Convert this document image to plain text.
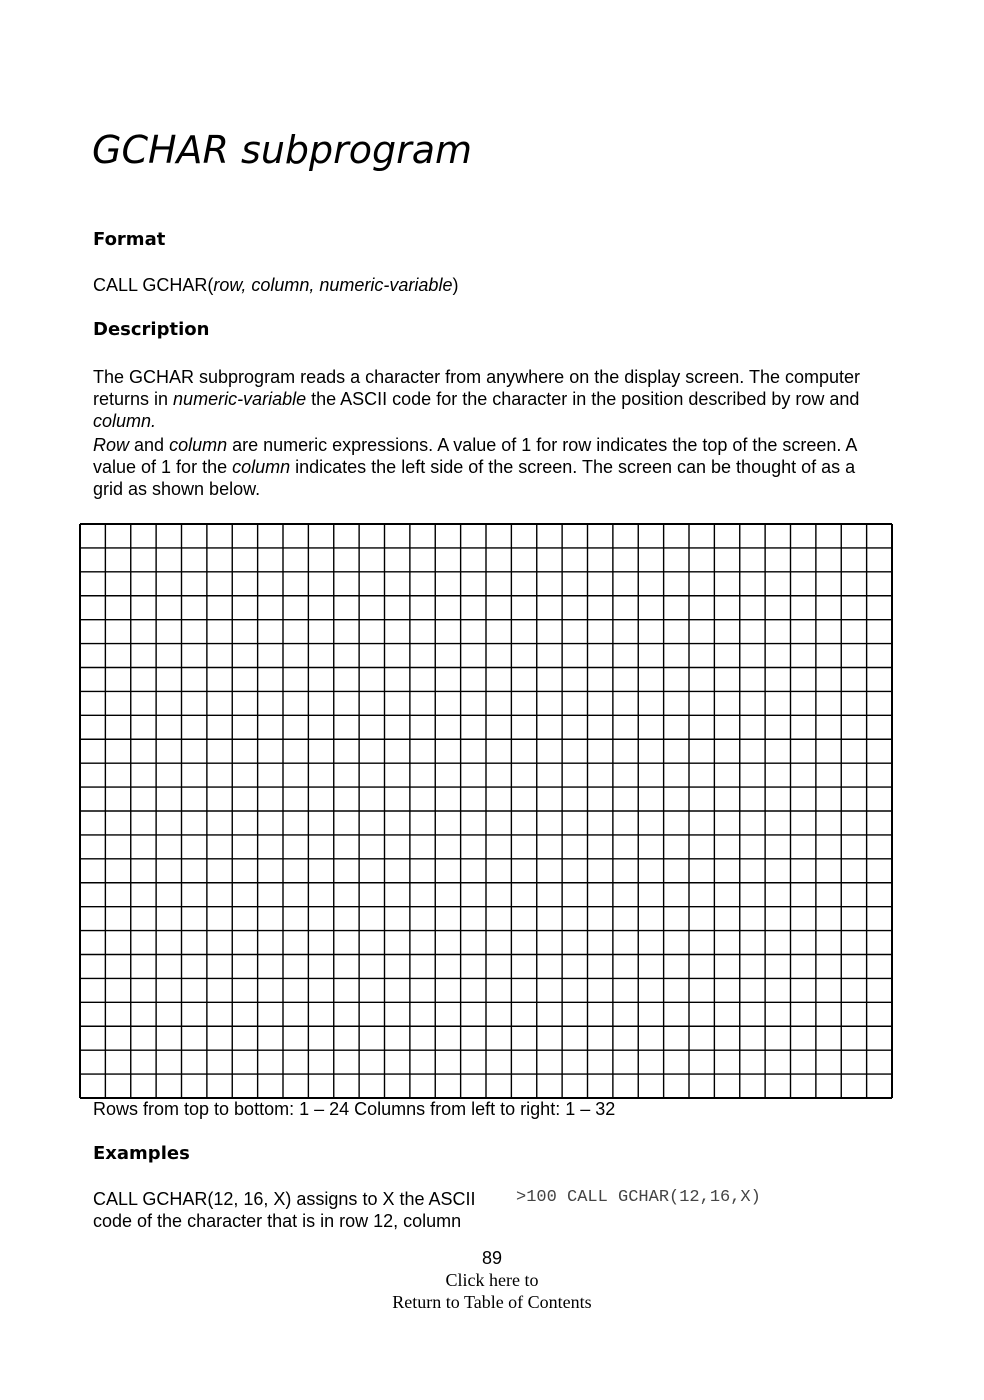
GCHAR subprogram
Format

CALL GCHAR(row, column, numeric-variable)

Description

The GCHAR subprogram reads a character from anywhere on the display screen. The computer returns in numeric-variable the ASCII code for the character in the position described by row and column.

Row and column are numeric expressions. A value of 1 for row indicates the top of the screen. A value of 1 for the column indicates the left side of the screen. The screen can be thought of as a grid as shown below.

Rows from top to bottom: 1 – 24 Columns from left to right: 1 – 32

Examples

CALL GCHAR(12, 16, X) assigns to X the ASCII

code of the character that is in row 12, column

>100 CALL GCHAR(12,16,X)

89

Click here to

Return to Table of Contents
